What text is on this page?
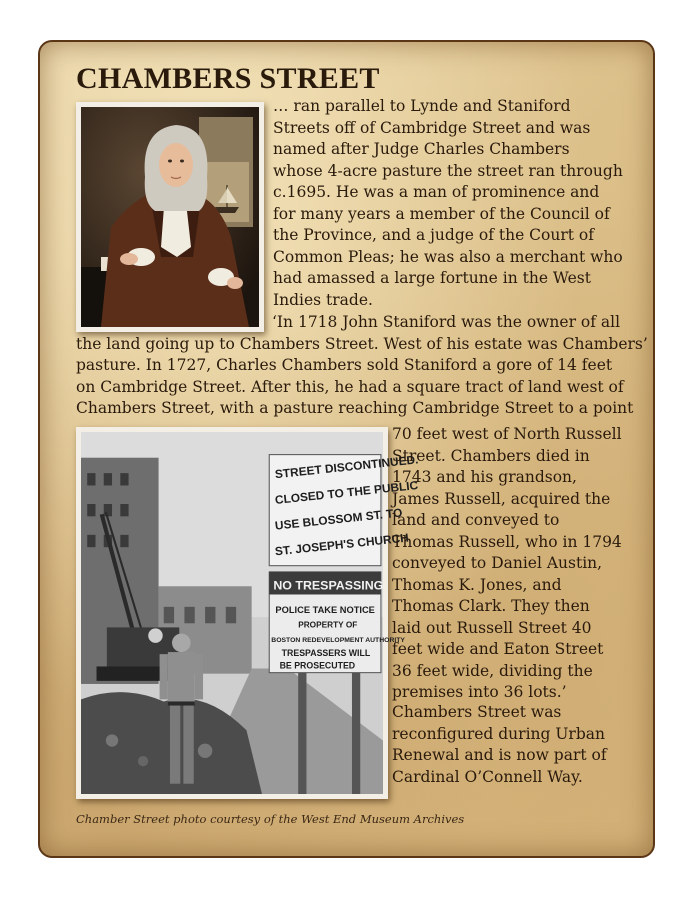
CHAMBERS STREET

… ran parallel to Lynde and Staniford Streets off of Cambridge Street and was named after Judge Charles Chambers whose 4-acre pasture the street ran through c.1695. He was a man of prominence and for many years a member of the Council of the Province, and a judge of the Court of Common Pleas; he was also a merchant who had amassed a large fortune in the West Indies trade.

‘In 1718 John Staniford was the owner of all
the land going up to Chambers Street. West of his estate was Chambers’
pasture. In 1727, Charles Chambers sold Staniford a gore of 14 feet
on Cambridge Street. After this, he had a square tract of land west of
Chambers Street, with a pasture reaching Cambridge Street to a point

STREET DISCONTINUED.
CLOSED TO THE PUBLIC
USE BLOSSOM ST. TO
ST. JOSEPH'S CHURCH
NO TRESPASSING
POLICE TAKE NOTICE
PROPERTY OF
BOSTON REDEVELOPMENT AUTHORITY
TRESPASSERS WILL
BE PROSECUTED

70 feet west of North Russell Street. Chambers died in 1743 and his grandson, James Russell, acquired the land and conveyed to Thomas Russell, who in 1794 conveyed to Daniel Austin, Thomas K. Jones, and Thomas Clark. They then laid out Russell Street 40 feet wide and Eaton Street 36 feet wide, dividing the premises into 36 lots.’

Chambers Street was reconfigured during Urban Renewal and is now part of Cardinal O’Connell Way.

Chamber Street photo courtesy of the West End Museum Archives
